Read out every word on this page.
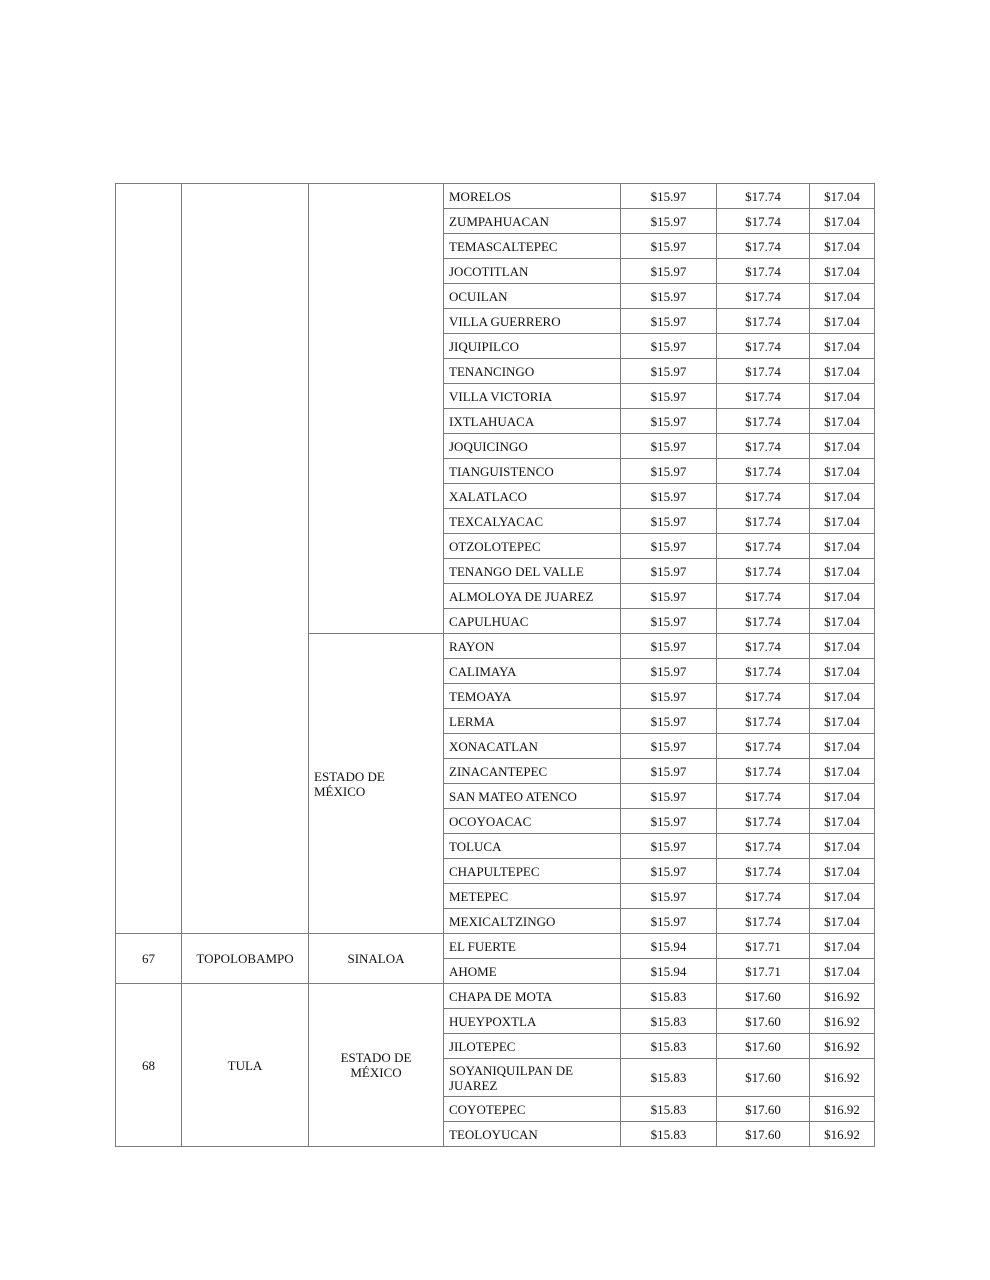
			MORELOS	$15.97	$17.74	$17.04
			ZUMPAHUACAN	$15.97	$17.74	$17.04
			TEMASCALTEPEC	$15.97	$17.74	$17.04
			JOCOTITLAN	$15.97	$17.74	$17.04
			OCUILAN	$15.97	$17.74	$17.04
			VILLA GUERRERO	$15.97	$17.74	$17.04
			JIQUIPILCO	$15.97	$17.74	$17.04
			TENANCINGO	$15.97	$17.74	$17.04
			VILLA VICTORIA	$15.97	$17.74	$17.04
			IXTLAHUACA	$15.97	$17.74	$17.04
			JOQUICINGO	$15.97	$17.74	$17.04
			TIANGUISTENCO	$15.97	$17.74	$17.04
			XALATLACO	$15.97	$17.74	$17.04
			TEXCALYACAC	$15.97	$17.74	$17.04
			OTZOLOTEPEC	$15.97	$17.74	$17.04
			TENANGO DEL VALLE	$15.97	$17.74	$17.04
			ALMOLOYA DE JUAREZ	$15.97	$17.74	$17.04
			CAPULHUAC	$15.97	$17.74	$17.04
		ESTADO DE MÉXICO	RAYON	$15.97	$17.74	$17.04
			CALIMAYA	$15.97	$17.74	$17.04
			TEMOAYA	$15.97	$17.74	$17.04
			LERMA	$15.97	$17.74	$17.04
			XONACATLAN	$15.97	$17.74	$17.04
			ZINACANTEPEC	$15.97	$17.74	$17.04
			SAN MATEO ATENCO	$15.97	$17.74	$17.04
			OCOYOACAC	$15.97	$17.74	$17.04
			TOLUCA	$15.97	$17.74	$17.04
			CHAPULTEPEC	$15.97	$17.74	$17.04
			METEPEC	$15.97	$17.74	$17.04
			MEXICALTZINGO	$15.97	$17.74	$17.04
67	TOPOLOBAMPO	SINALOA	EL FUERTE	$15.94	$17.71	$17.04
			AHOME	$15.94	$17.71	$17.04
68	TULA	ESTADO DE MÉXICO	CHAPA DE MOTA	$15.83	$17.60	$16.92
			HUEYPOXTLA	$15.83	$17.60	$16.92
			JILOTEPEC	$15.83	$17.60	$16.92
			SOYANIQUILPAN DE JUAREZ	$15.83	$17.60	$16.92
			COYOTEPEC	$15.83	$17.60	$16.92
			TEOLOYUCAN	$15.83	$17.60	$16.92
